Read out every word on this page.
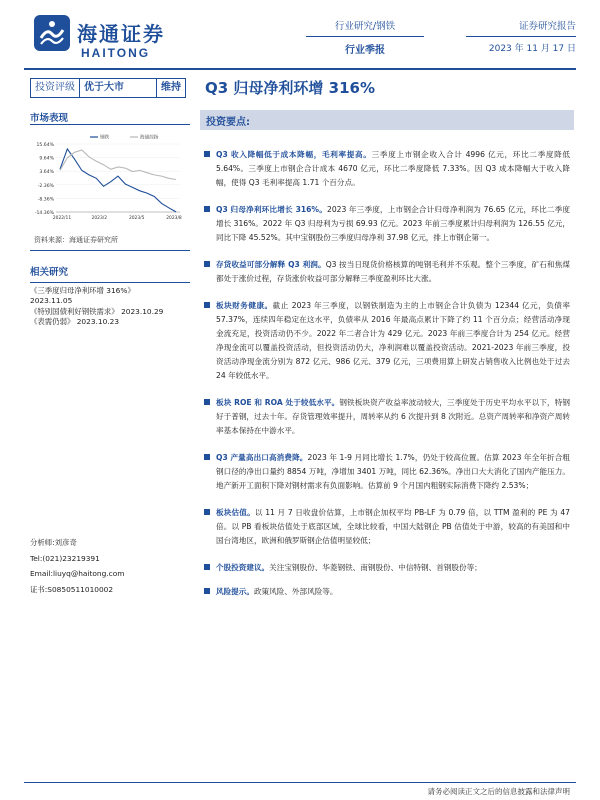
海通证券
HAITONG
行业研究/钢铁
行业季报
证券研究报告
2023 年 11 月 17 日
投资评级 优于大市	维持 Q3 归母净利环增 316%
市场表现
15.64%
9.64%
3.64%
-2.36%
-8.36%
-14.36%
2022/11	2023/2	2023/5	2023/8
钢铁	海通综指
资料来源：海通证券研究所
相关研究
《三季度归母净利环增 316%》
2023.11.05
《特别国债利好钢铁需求》 2023.10.29
《表需仍弱》 2023.10.23
分析师:刘彦奇
Tel:(021)23219391
Email:liuyq@haitong.com
证书:S0850511010002
投资要点:
Q3 收入降幅低于成本降幅，毛利率提高。三季度上市钢企收入合计 4996 亿元，环比二季度降低 5.64%。三季度上市钢企合计成本 4670 亿元，环比二季度降低 7.33%。因 Q3 成本降幅大于收入降幅，使得 Q3 毛利率提高 1.71 个百分点。
Q3 归母净利环比增长 316%。2023 年三季度，上市钢企合计归母净利润为 76.65 亿元，环比二季度增长 316%。2022 年 Q3 归母利为亏损 69.93 亿元。2023 年前三季度累计归母利润为 126.55 亿元，同比下降 45.52%。其中宝钢股份三季度归母净利 37.98 亿元，排上市钢企第一。
存货收益可部分解释 Q3 利润。Q3 按当日现货价格核算的吨钢毛利并不乐观。整个三季度，矿石和焦煤都处于涨价过程，存货涨价收益可部分解释三季度盈利环比大涨。
板块财务健康。截止 2023 年三季度，以钢铁制造为主的上市钢企合计负债为 12344 亿元，负债率 57.37%，连续四年稳定在这水平，负债率从 2016 年最高点累计下降了约 11 个百分点；经营活动净现金流充足，投资活动仍不少。2022 年二者合计为 429 亿元。2023 年前三季度合计为 254 亿元。经营净现金流可以覆盖投资活动，但投资活动仍大，净利润难以覆盖投资活动。2021-2023 年前三季度，投资活动净现金流分别为 872 亿元、986 亿元、379 亿元，三项费用算上研发占销售收入比例也处于过去 24 年较低水平。
板块 ROE 和 ROA 处于较低水平。钢铁板块资产收益率波动较大，三季度处于历史平均水平以下，特钢好于普钢，过去十年。存货管理效率提升，周转率从约 6 次提升到 8 次附近。总资产周转率和净资产周转率基本保持在中游水平。
Q3 产量高出口高消费降。2023 年 1-9 月同比增长 1.7%，仍处于较高位置。估算 2023 年全年折合粗钢口径的净出口量约 8854 万吨，净增加 3401 万吨，同比 62.36%。净出口大大消化了国内产能压力。地产新开工面积下降对钢材需求有负面影响。估算前 9 个月国内粗钢实际消费下降约 2.53%；
板块估值。以 11 月 7 日收盘价估算，上市钢企加权平均 PB-LF 为 0.79 倍，以 TTM 盈利的 PE 为 47 倍。以 PB 看板块估值处于底部区域，全球比较看，中国大陆钢企 PB 估值处于中游，较高的有美国和中国台湾地区，欧洲和俄罗斯钢企估值明显较低；
个股投资建议。关注宝钢股份、华菱钢铁、南钢股份、中信特钢、首钢股份等；
风险提示。政策风险、外部风险等。
请务必阅读正文之后的信息披露和法律声明
